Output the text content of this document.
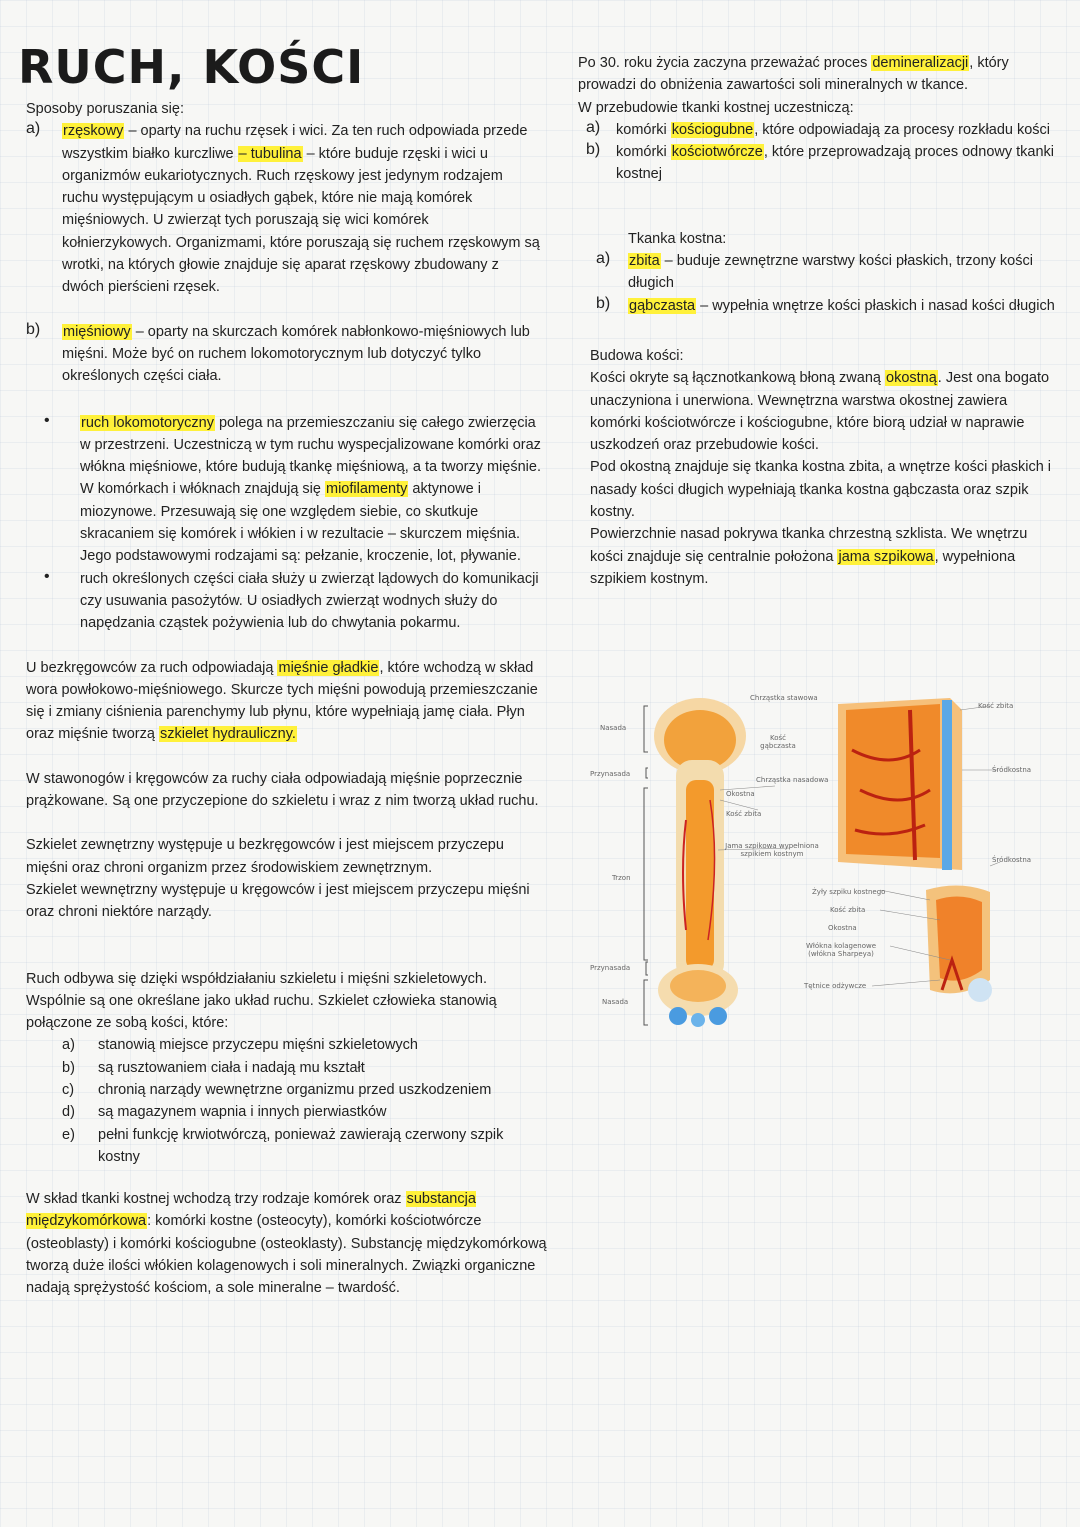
RUCH, KOŚCI

Sposoby poruszania się:

a) rzęskowy – oparty na ruchu rzęsek i wici. Za ten ruch odpowiada przede wszystkim białko kurczliwe – tubulina – które buduje rzęski i wici u organizmów eukariotycznych. Ruch rzęskowy jest jedynym rodzajem ruchu występującym u osiadłych gąbek, które nie mają komórek mięśniowych. U zwierząt tych poruszają się wici komórek kołnierzykowych. Organizmami, które poruszają się ruchem rzęskowym są wrotki, na których głowie znajduje się aparat rzęskowy zbudowany z dwóch pierścieni rzęsek.

b) mięśniowy – oparty na skurczach komórek nabłonkowo-mięśniowych lub mięśni. Może być on ruchem lokomotorycznym lub dotyczyć tylko określonych części ciała.

• ruch lokomotoryczny polega na przemieszczaniu się całego zwierzęcia w przestrzeni. Uczestniczą w tym ruchu wyspecjalizowane komórki oraz włókna mięśniowe, które budują tkankę mięśniową, a ta tworzy mięśnie. W komórkach i włóknach znajdują się miofilamenty aktynowe i miozynowe. Przesuwają się one względem siebie, co skutkuje skracaniem się komórek i włókien i w rezultacie – skurczem mięśnia. Jego podstawowymi rodzajami są: pełzanie, kroczenie, lot, pływanie.

• ruch określonych części ciała służy u zwierząt lądowych do komunikacji czy usuwania pasożytów. U osiadłych zwierząt wodnych służy do napędzania cząstek pożywienia lub do chwytania pokarmu.

U bezkręgowców za ruch odpowiadają mięśnie gładkie, które wchodzą w skład wora powłokowo-mięśniowego. Skurcze tych mięśni powodują przemieszczanie się i zmiany ciśnienia parenchymy lub płynu, które wypełniają jamę ciała. Płyn oraz mięśnie tworzą szkielet hydrauliczny.

W stawonogów i kręgowców za ruchy ciała odpowiadają mięśnie poprzecznie prążkowane. Są one przyczepione do szkieletu i wraz z nim tworzą układ ruchu.

Szkielet zewnętrzny występuje u bezkręgowców i jest miejscem przyczepu mięśni oraz chroni organizm przez środowiskiem zewnętrznym.

Szkielet wewnętrzny występuje u kręgowców i jest miejscem przyczepu mięśni oraz chroni niektóre narządy.

Ruch odbywa się dzięki współdziałaniu szkieletu i mięśni szkieletowych. Wspólnie są one określane jako układ ruchu. Szkielet człowieka stanowią połączone ze sobą kości, które:

a) stanowią miejsce przyczepu mięśni szkieletowych

b) są rusztowaniem ciała i nadają mu kształt

c) chronią narządy wewnętrzne organizmu przed uszkodzeniem

d) są magazynem wapnia i innych pierwiastków

e) pełni funkcję krwiotwórczą, ponieważ zawierają czerwony szpik kostny

W skład tkanki kostnej wchodzą trzy rodzaje komórek oraz substancja międzykomórkowa: komórki kostne (osteocyty), komórki kościotwórcze (osteoblasty) i komórki kościogubne (osteoklasty). Substancję międzykomórkową tworzą duże ilości włókien kolagenowych i soli mineralnych. Związki organiczne nadają sprężystość kościom, a sole mineralne – twardość.

Po 30. roku życia zaczyna przeważać proces demineralizacji, który prowadzi do obniżenia zawartości soli mineralnych w tkance.

W przebudowie tkanki kostnej uczestniczą:

a) komórki kościogubne, które odpowiadają za procesy rozkładu kości

b) komórki kościotwórcze, które przeprowadzają proces odnowy tkanki kostnej

Tkanka kostna:

a) zbita – buduje zewnętrzne warstwy kości płaskich, trzony kości długich

b) gąbczasta – wypełnia wnętrze kości płaskich i nasad kości długich

Budowa kości:

Kości okryte są łącznotkankową błoną zwaną okostną. Jest ona bogato unaczyniona i unerwiona. Wewnętrzna warstwa okostnej zawiera komórki kościotwórcze i kościogubne, które biorą udział w naprawie uszkodzeń oraz przebudowie kości.

Pod okostną znajduje się tkanka kostna zbita, a wnętrze kości płaskich i nasady kości długich wypełniają tkanka kostna gąbczasta oraz szpik kostny.

Powierzchnie nasad pokrywa tkanka chrzestną szklista. We wnętrzu kości znajduje się centralnie położona jama szpikowa, wypełniona szpikiem kostnym.

Nasada
Przynasada
Trzon
Przynasada
Nasada
Chrząstka stawowa
Kość gąbczasta
Chrząstka nasadowa
Okostna
Kość zbita
Jama szpikowa wypełniona szpikiem kostnym
Kość zbita
Śródkostna
Śródkostna
Żyły szpiku kostnego
Kość zbita
Okostna
Włókna kolagenowe (włókna Sharpeya)
Tętnice odżywcze
